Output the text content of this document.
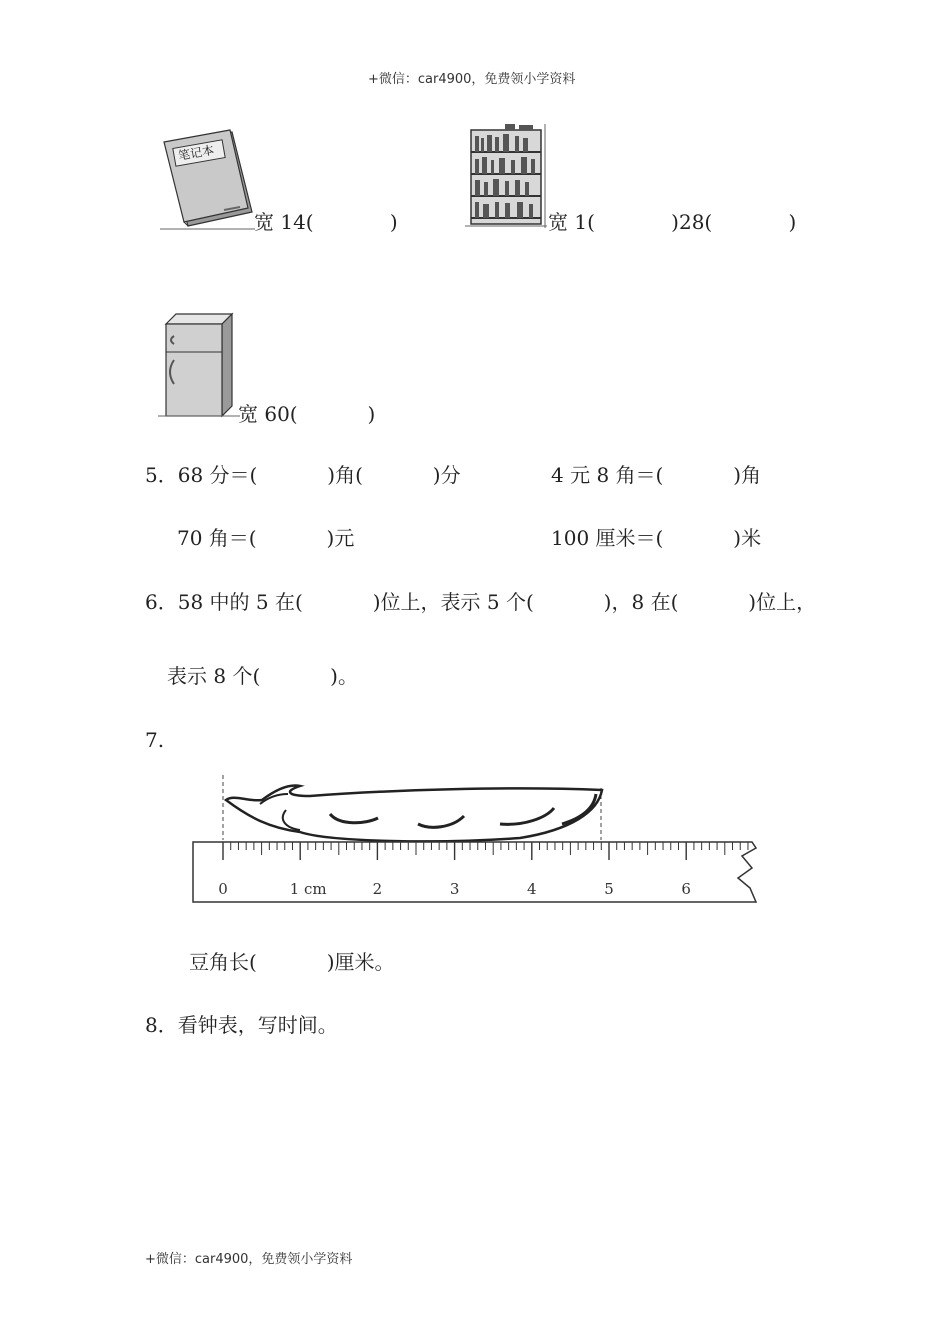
+微信：car4900，免费领小学资料
笔记本
宽 14(            )	宽 1(            )28(            )
宽 60(           )
5．68 分＝(           )角(           )分	4 元 8 角＝(           )角
70 角＝(           )元	100 厘米＝(           )米
6．58 中的 5 在(           )位上，表示 5 个(           )，8 在(           )位上，
表示 8 个(           )。
7.
0	1 cm	2	3	4	5	6
豆角长(           )厘米。
8．看钟表，写时间。
+微信：car4900，免费领小学资料
